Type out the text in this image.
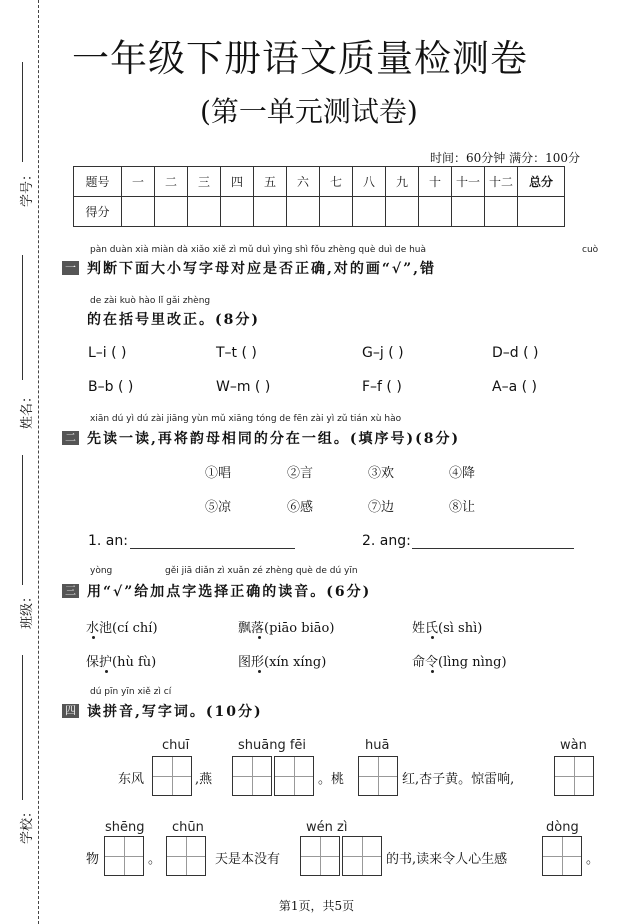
学号：
姓名：
班级：
学校：
一年级下册语文质量检测卷
(第一单元测试卷)
时间：60分钟 满分：100分
题号	一	二	三	四	五	六	七	八	九	十	十一	十二	总分
得分													
pàn duàn xià miàn dà xiǎo xiě zì mǔ duì yìng shì fǒu zhèng què duì de huà	cuò
一 判断下面大小写字母对应是否正确,对的画“√”,错
de zài kuò hào lǐ gǎi zhèng
的在括号里改正。(8分)
L–i ( )	T–t ( )	G–j ( )	D–d ( )
B–b ( )	W–m ( )	F–f ( )	A–a ( )
xiān dú yì dú zài jiāng yùn mǔ xiāng tóng de fēn zài yì zǔ tián xù hào
二 先读一读,再将韵母相同的分在一组。(填序号)(8分)
①唱	②言	③欢	④降
⑤凉	⑥感	⑦边	⑧让
1. an:	2. ang:
yòng	gěi jiā diǎn zì xuǎn zé zhèng què de dú yīn
三 用“√”给加点字选择正确的读音。(6分)
水池(cí chí)	飘落(piāo biāo)	姓氏(sì shì)
保护(hù fù)	图形(xín xíng)	命令(lìng nìng)
dú pīn yīn xiě zì cí
四 读拼音,写字词。(10分)
chuī	shuāng fēi	huā	wàn
东风	,燕	。桃	红,杏子黄。惊雷响,
shēng chūn	wén zì	dòng
物	。	天是本没有	的书,读来令人心生感	。
第1页，共5页
